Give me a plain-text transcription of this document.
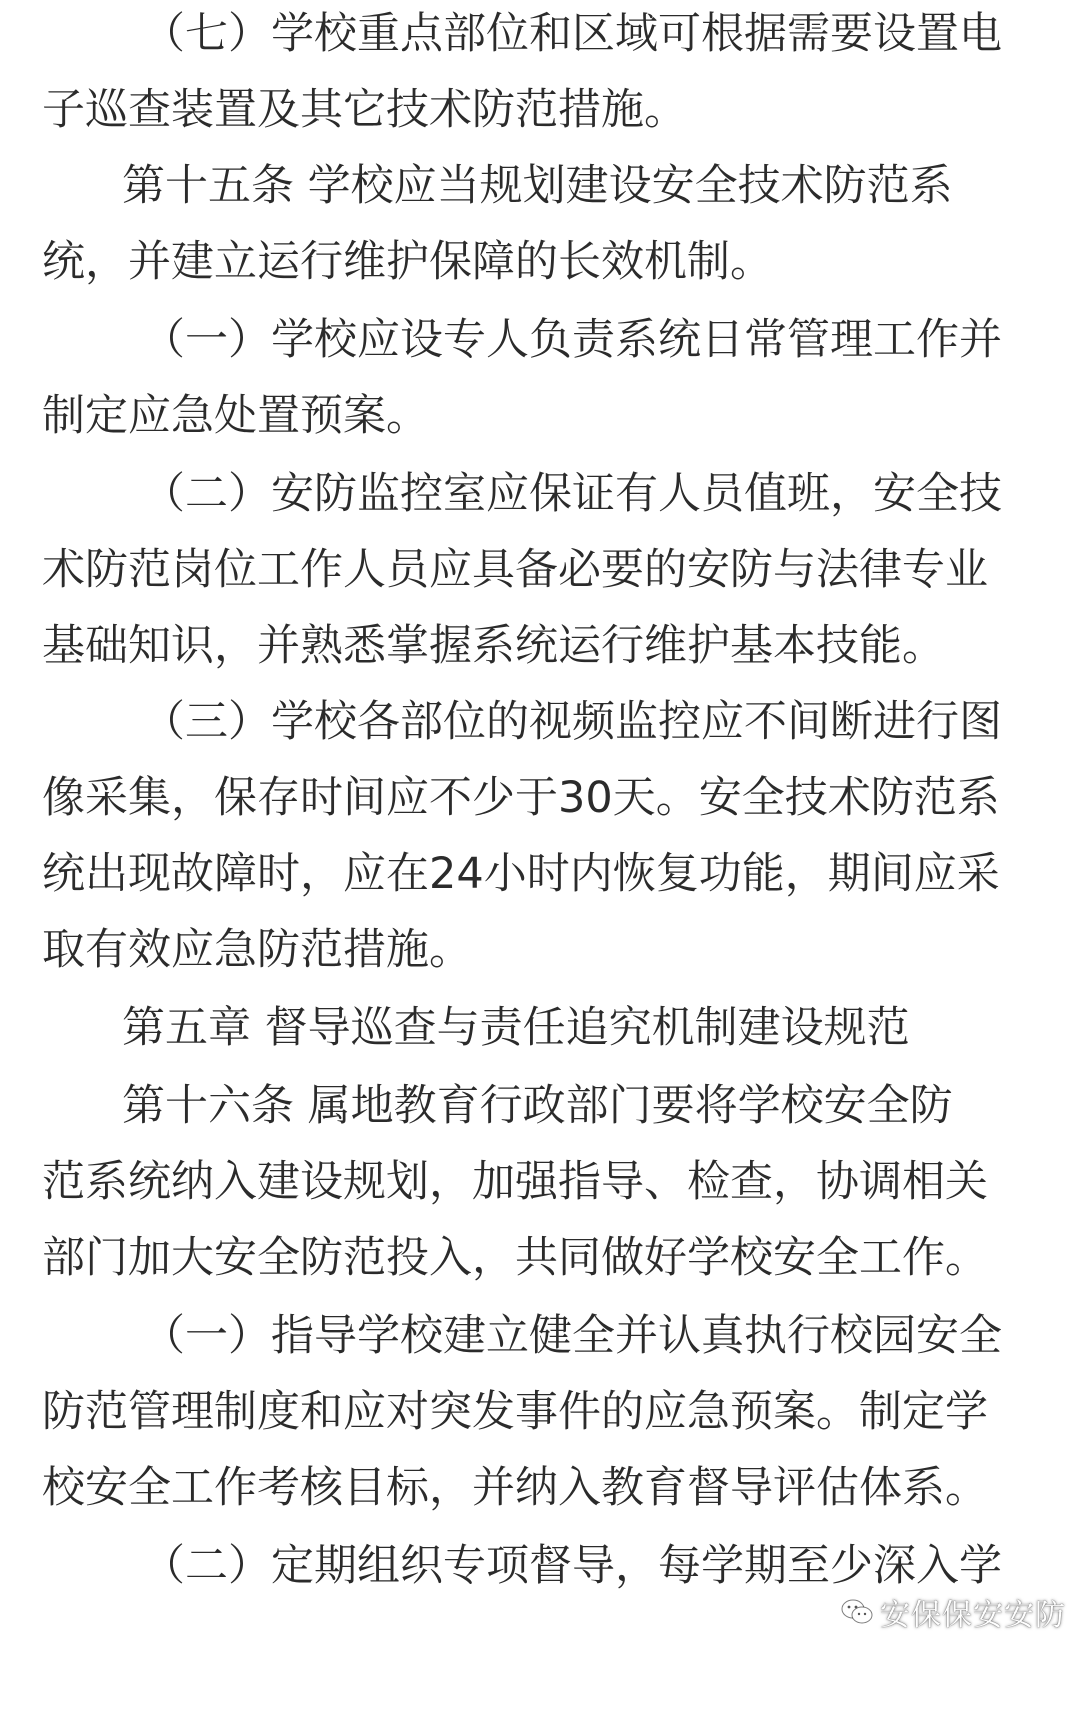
（七）学校重点部位和区域可根据需要设置电
子巡查装置及其它技术防范措施。
第十五条 学校应当规划建设安全技术防范系
统，并建立运行维护保障的长效机制。
（一）学校应设专人负责系统日常管理工作并
制定应急处置预案。
（二）安防监控室应保证有人员值班，安全技
术防范岗位工作人员应具备必要的安防与法律专业
基础知识，并熟悉掌握系统运行维护基本技能。
（三）学校各部位的视频监控应不间断进行图
像采集，保存时间应不少于30天。安全技术防范系
统出现故障时，应在24小时内恢复功能，期间应采
取有效应急防范措施。
第五章 督导巡查与责任追究机制建设规范
第十六条 属地教育行政部门要将学校安全防
范系统纳入建设规划，加强指导、检查，协调相关
部门加大安全防范投入，共同做好学校安全工作。
（一）指导学校建立健全并认真执行校园安全
防范管理制度和应对突发事件的应急预案。制定学
校安全工作考核目标，并纳入教育督导评估体系。
（二）定期组织专项督导，每学期至少深入学
安保保安安防
